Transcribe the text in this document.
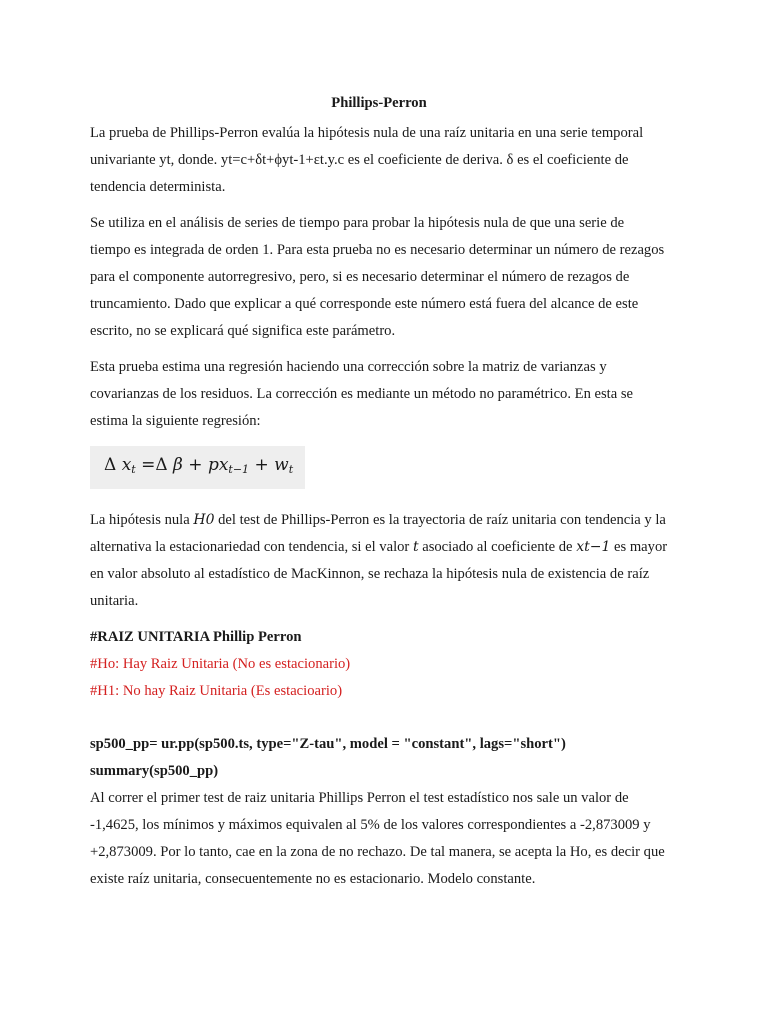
Phillips-Perron

La prueba de Phillips-Perron evalúa la hipótesis nula de una raíz unitaria en una serie temporal univariante yt, donde. yt=c+δt+ϕyt-1+εt.y.c es el coeficiente de deriva. δ es el coeficiente de tendencia determinista.

Se utiliza en el análisis de series de tiempo para probar la hipótesis nula de que una serie de tiempo es integrada de orden 1. Para esta prueba no es necesario determinar un número de rezagos para el componente autorregresivo, pero, si es necesario determinar el número de rezagos de truncamiento. Dado que explicar a qué corresponde este número está fuera del alcance de este escrito, no se explicará qué significa este parámetro.

Esta prueba estima una regresión haciendo una corrección sobre la matriz de varianzas y covarianzas de los residuos. La corrección es mediante un método no paramétrico. En esta se estima la siguiente regresión:

Δ $x_t =\Delta$ $\beta + px_{t-1} + w_t$

La hipótesis nula H0 del test de Phillips-Perron es la trayectoria de raíz unitaria con tendencia y la alternativa la estacionariedad con tendencia, si el valor t asociado al coeficiente de xt−1 es mayor en valor absoluto al estadístico de MacKinnon, se rechaza la hipótesis nula de existencia de raíz unitaria.

#RAIZ UNITARIA Phillip Perron

#Ho: Hay Raiz Unitaria (No es estacionario)

#H1: No hay Raiz Unitaria (Es estacioario)

sp500_pp= ur.pp(sp500.ts, type="Z-tau", model = "constant", lags="short")

summary(sp500_pp)

Al correr el primer test de raiz unitaria Phillips Perron el test estadístico nos sale un valor de -1,4625, los mínimos y máximos equivalen al 5% de los valores correspondientes a -2,873009 y +2,873009. Por lo tanto, cae en la zona de no rechazo. De tal manera, se acepta la Ho, es decir que existe raíz unitaria, consecuentemente no es estacionario. Modelo constante.
